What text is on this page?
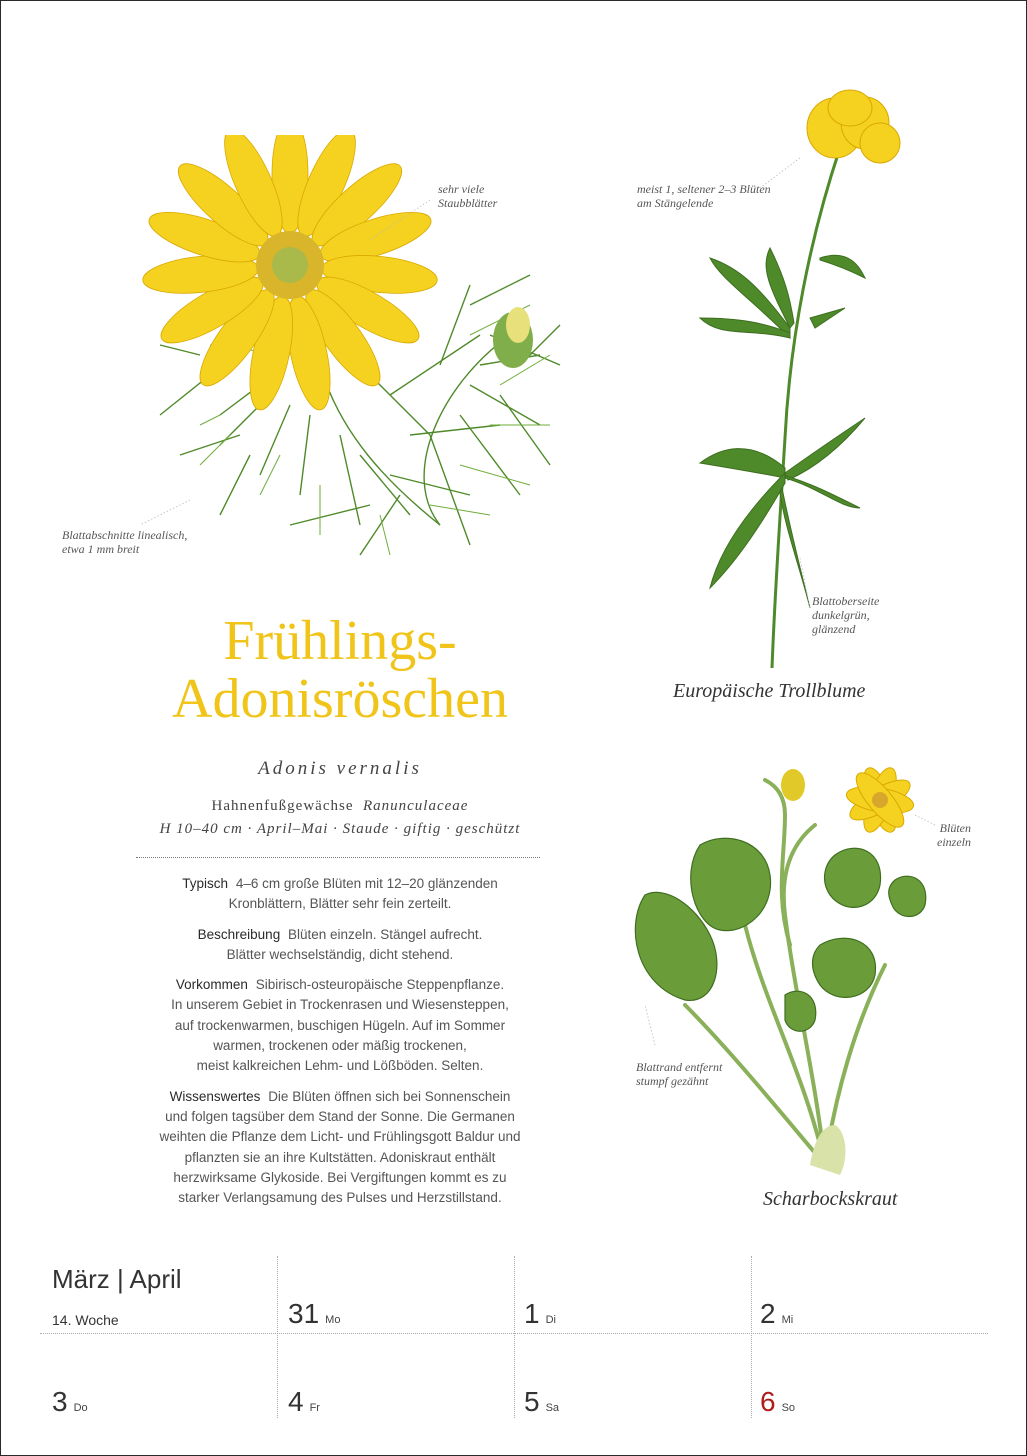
sehr viele
Staubblätter
Blattabschnitte linealisch,
etwa 1 mm breit
meist 1, seltener 2–3 Blüten
am Stängelende
Blattoberseite
dunkelgrün,
glänzend
Europäische Trollblume
Blüten
einzeln
Blattrand entfernt
stumpf gezähnt
Scharbockskraut
Frühlings-
Adonisröschen
Adonis vernalis
Hahnenfußgewächse Ranunculaceae
H 10–40 cm · April–Mai · Staude · giftig · geschützt

Typisch 4–6 cm große Blüten mit 12–20 glänzenden
Kronblättern, Blätter sehr fein zerteilt.

Beschreibung Blüten einzeln. Stängel aufrecht.
Blätter wechselständig, dicht stehend.

Vorkommen Sibirisch-osteuropäische Steppenpflanze.
In unserem Gebiet in Trockenrasen und Wiesensteppen,
auf trockenwarmen, buschigen Hügeln. Auf im Sommer
warmen, trockenen oder mäßig trockenen,
meist kalkreichen Lehm- und Lößböden. Selten.

Wissenswertes Die Blüten öffnen sich bei Sonnenschein
und folgen tagsüber dem Stand der Sonne. Die Germanen
weihten die Pflanze dem Licht- und Frühlingsgott Baldur und
pflanzten sie an ihre Kultstätten. Adoniskraut enthält
herzwirksame Glykoside. Bei Vergiftungen kommt es zu
starker Verlangsamung des Pulses und Herzstillstand.

März | April
14. Woche	31 Mo	1 Di	2 Mi
3 Do	4 Fr	5 Sa	6 So
